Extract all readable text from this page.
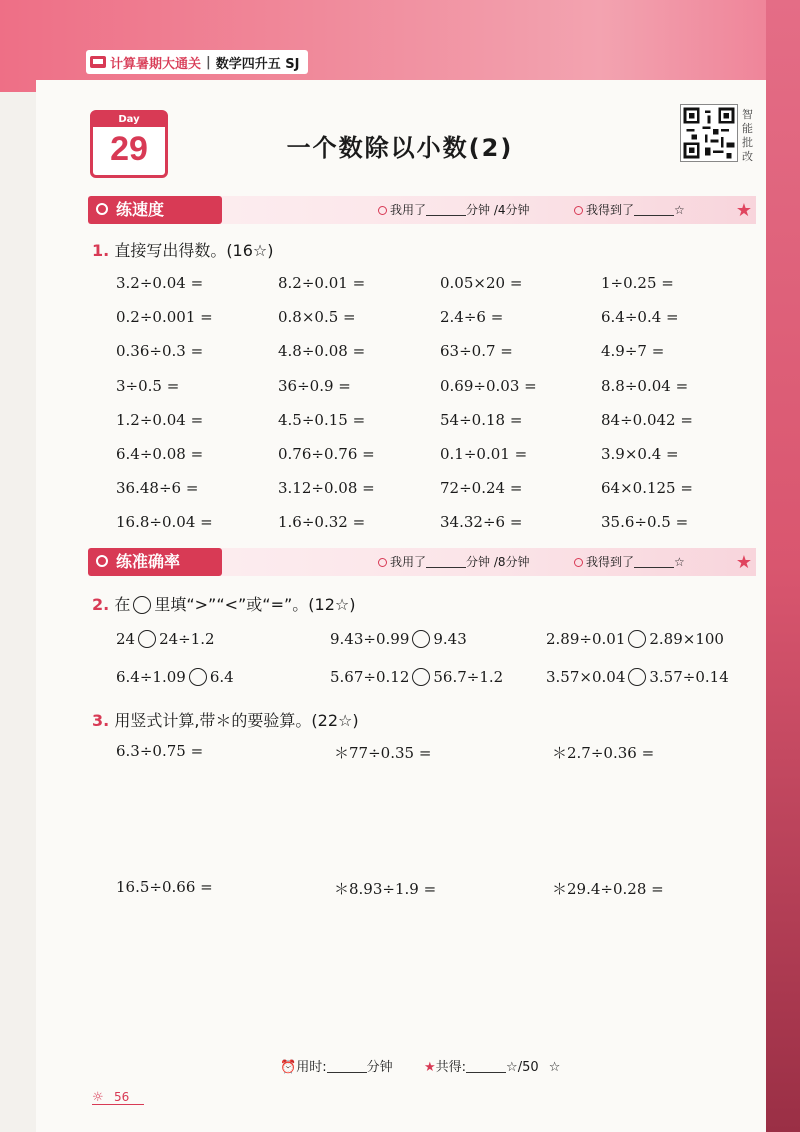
计算暑期大通关 | 数学四升五 SJ
Day
29	一个数除以小数(2)
智能批改
练速度	我用了	分钟 /4分钟	我得到了	☆	★
1. 直接写出得数。(16☆)
3.2÷0.04 =	8.2÷0.01 =	0.05×20 =	1÷0.25 =
0.2÷0.001 =	0.8×0.5 =	2.4÷6 =	6.4÷0.4 =
0.36÷0.3 =	4.8÷0.08 =	63÷0.7 =	4.9÷7 =
3÷0.5 =	36÷0.9 =	0.69÷0.03 =	8.8÷0.04 =
1.2÷0.04 =	4.5÷0.15 =	54÷0.18 =	84÷0.042 =
6.4÷0.08 =	0.76÷0.76 =	0.1÷0.01 =	3.9×0.4 =
36.48÷6 =	3.12÷0.08 =	72÷0.24 =	64×0.125 =
16.8÷0.04 =	1.6÷0.32 =	34.32÷6 =	35.6÷0.5 =
练准确率	我用了	分钟 /8分钟	我得到了	☆	★
2. 在 里填“>”“<”或“=”。(12☆)
24 24÷1.2	9.43÷0.99 9.43	2.89÷0.01 2.89×100
6.4÷1.09 6.4	5.67÷0.12 56.7÷1.2	3.57×0.04 3.57÷0.14
3. 用竖式计算,带＊的要验算。(22☆)
6.3÷0.75 =	＊77÷0.35 =	＊2.7÷0.36 =
16.5÷0.66 =	＊8.93÷1.9 =	＊29.4÷0.28 =
⏰用时:	分钟 ★共得:	☆/50 ☆
56
☼
